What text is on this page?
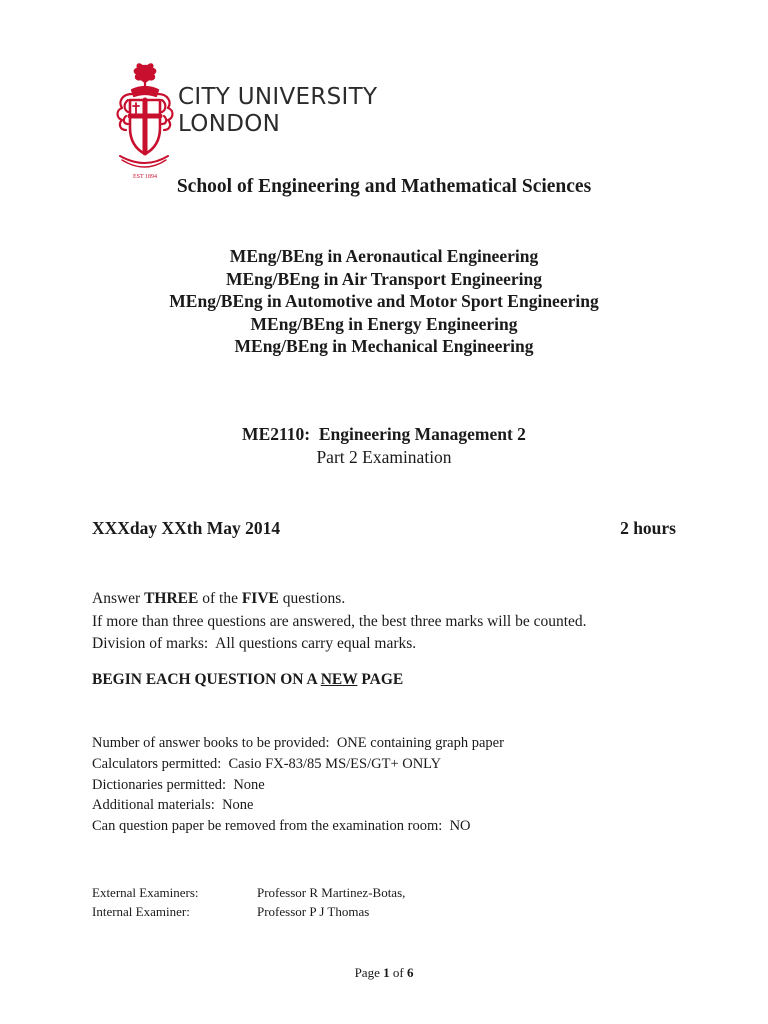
EST 1894
CITY UNIVERSITY
LONDON
School of Engineering and Mathematical Sciences
MEng/BEng in Aeronautical Engineering
MEng/BEng in Air Transport Engineering
MEng/BEng in Automotive and Motor Sport Engineering
MEng/BEng in Energy Engineering
MEng/BEng in Mechanical Engineering
ME2110: Engineering Management 2
Part 2 Examination
XXXday XXth May 2014	2 hours
Answer THREE of the FIVE questions.
If more than three questions are answered, the best three marks will be counted.
Division of marks:  All questions carry equal marks.
BEGIN EACH QUESTION ON A NEW PAGE
Number of answer books to be provided:  ONE containing graph paper
Calculators permitted:  Casio FX-83/85 MS/ES/GT+ ONLY
Dictionaries permitted:  None
Additional materials:  None
Can question paper be removed from the examination room:  NO
External Examiners:	Professor R Martinez-Botas,
Internal Examiner:	Professor P J Thomas
Page 1 of 6
